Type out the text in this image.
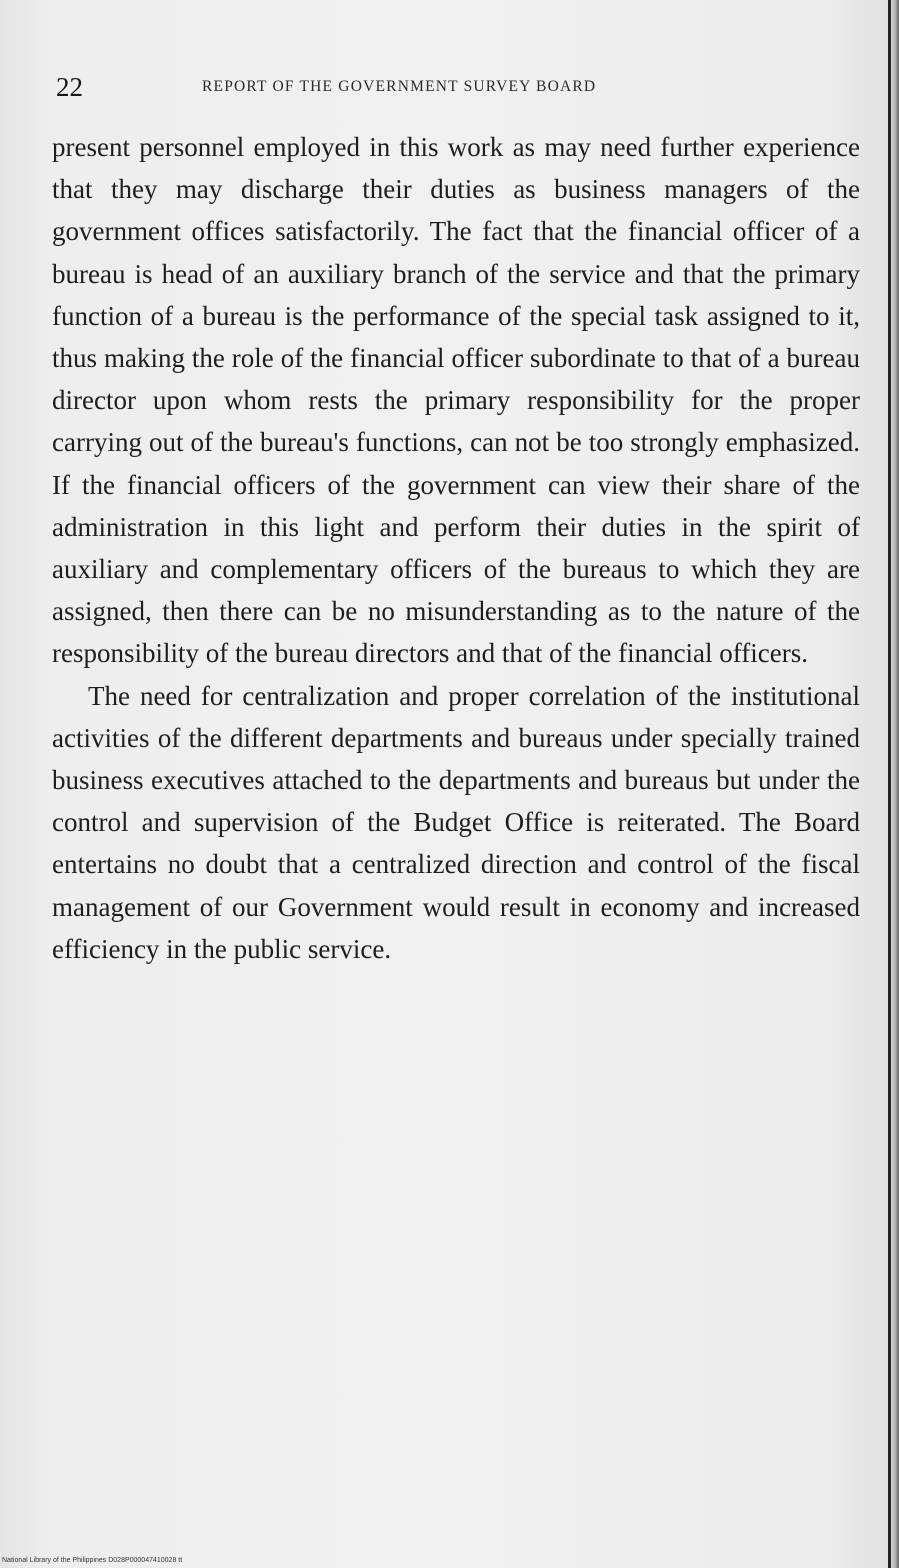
22	REPORT OF THE GOVERNMENT SURVEY BOARD

present personnel employed in this work as may need further experience that they may discharge their duties as business managers of the government offices satisfactorily. The fact that the financial officer of a bureau is head of an auxiliary branch of the service and that the primary function of a bureau is the performance of the special task assigned to it, thus making the role of the financial officer subordinate to that of a bureau director upon whom rests the primary responsibility for the proper carrying out of the bureau's functions, can not be too strongly emphasized. If the financial officers of the government can view their share of the administration in this light and perform their duties in the spirit of auxiliary and complementary officers of the bureaus to which they are assigned, then there can be no misunderstanding as to the nature of the responsibility of the bureau directors and that of the financial officers.

The need for centralization and proper correlation of the institutional activities of the different departments and bureaus under specially trained business executives attached to the departments and bureaus but under the control and supervision of the Budget Office is reiterated. The Board entertains no doubt that a centralized direction and control of the fiscal management of our Government would result in economy and increased efficiency in the public service.

National Library of the Philippines D028P000047410028 tt
